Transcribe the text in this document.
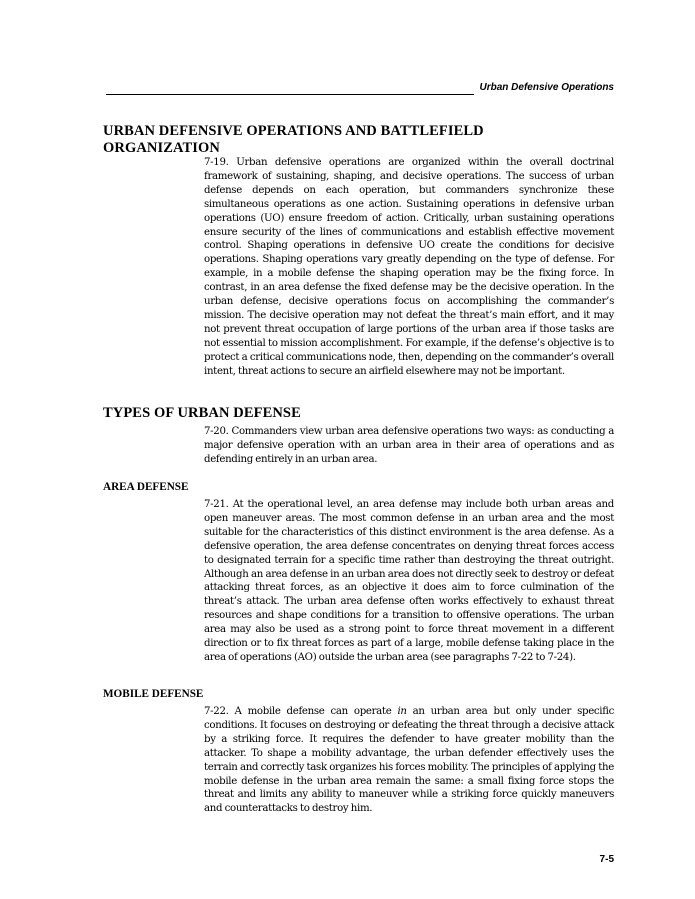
Urban Defensive Operations
URBAN DEFENSIVE OPERATIONS AND BATTLEFIELD ORGANIZATION

7-19. Urban defensive operations are organized within the overall doctrinal framework of sustaining, shaping, and decisive operations. The success of urban defense depends on each operation, but commanders synchronize these simultaneous operations as one action. Sustaining operations in defensive urban operations (UO) ensure freedom of action. Critically, urban sustaining operations ensure security of the lines of communications and establish effective movement control. Shaping operations in defensive UO create the conditions for decisive operations. Shaping operations vary greatly depending on the type of defense. For example, in a mobile defense the shaping operation may be the fixing force. In contrast, in an area defense the fixed defense may be the decisive operation. In the urban defense, decisive operations focus on accomplishing the commander’s mission. The decisive operation may not defeat the threat’s main effort, and it may not prevent threat occupation of large portions of the urban area if those tasks are not essential to mission accomplishment. For example, if the defense’s objective is to protect a critical communications node, then, depending on the commander’s overall intent, threat actions to secure an airfield elsewhere may not be important.

TYPES OF URBAN DEFENSE

7-20. Commanders view urban area defensive operations two ways: as conducting a major defensive operation with an urban area in their area of operations and as defending entirely in an urban area.

AREA DEFENSE

7-21. At the operational level, an area defense may include both urban areas and open maneuver areas. The most common defense in an urban area and the most suitable for the characteristics of this distinct environment is the area defense. As a defensive operation, the area defense concentrates on denying threat forces access to designated terrain for a specific time rather than destroying the threat outright. Although an area defense in an urban area does not directly seek to destroy or defeat attacking threat forces, as an objective it does aim to force culmination of the threat’s attack. The urban area defense often works effectively to exhaust threat resources and shape conditions for a transition to offensive operations. The urban area may also be used as a strong point to force threat movement in a different direction or to fix threat forces as part of a large, mobile defense taking place in the area of operations (AO) outside the urban area (see paragraphs 7-22 to 7-24).

MOBILE DEFENSE

7-22. A mobile defense can operate in an urban area but only under specific conditions. It focuses on destroying or defeating the threat through a decisive attack by a striking force. It requires the defender to have greater mobility than the attacker. To shape a mobility advantage, the urban defender effectively uses the terrain and correctly task organizes his forces mobility. The principles of applying the mobile defense in the urban area remain the same: a small fixing force stops the threat and limits any ability to maneuver while a striking force quickly maneuvers and counterattacks to destroy him.

7-5
